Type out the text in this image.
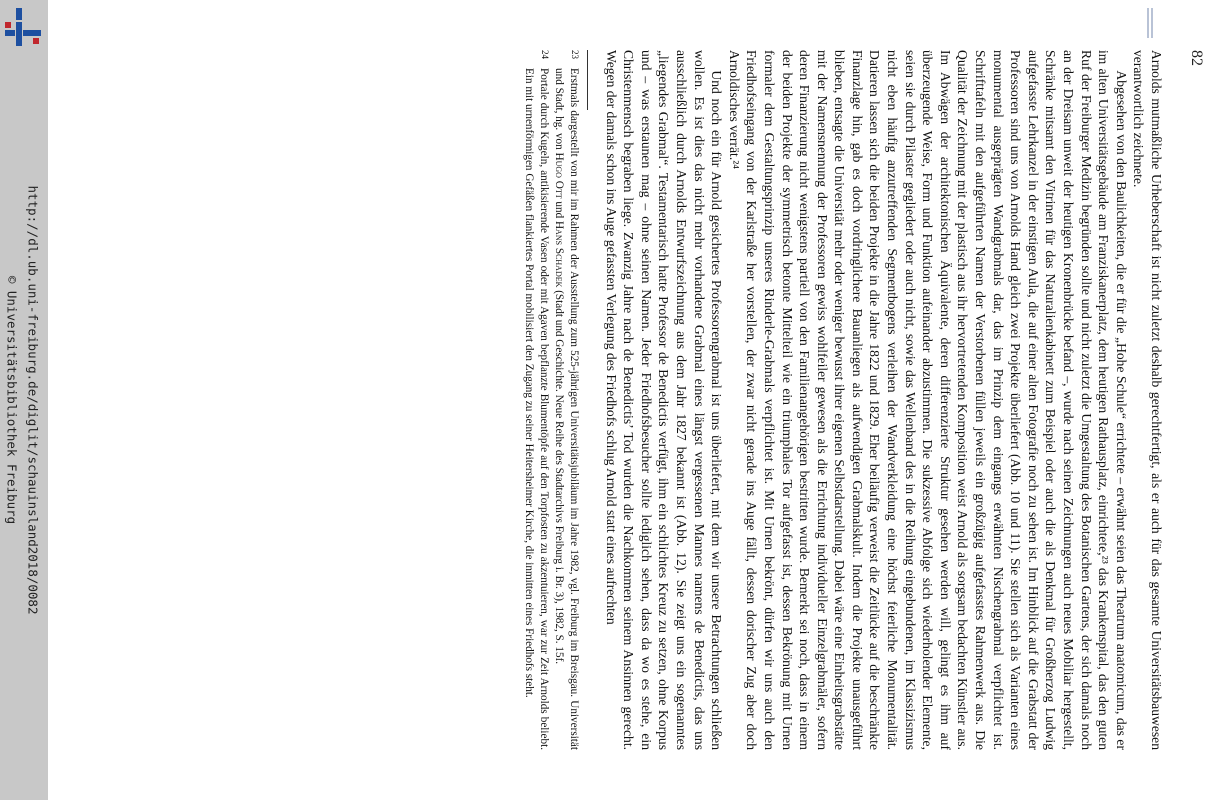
http://dl.ub.uni-freiburg.de/diglit/schauinsland2018/0082
© Universitätsbibliothek Freiburg
82

Arnolds mutmaßliche Urheberschaft ist nicht zuletzt deshalb gerechtfertigt, als er auch für das gesamte Universitätsbauwesen verantwortlich zeichnete.

Abgesehen von den Baulichkeiten, die er für die „Hohe Schule“ errichtete – erwähnt seien das Theatrum anatomicum, das er im alten Universitätsgebäude am Franziskanerplatz, dem heutigen Rathausplatz, einrichtete,²³ das Krankenspital, das den guten Ruf der Freiburger Medizin begründen sollte und nicht zuletzt die Umgestaltung des Botanischen Gartens, der sich damals noch an der Dreisam unweit der heutigen Kronenbrücke befand –, wurde nach seinen Zeichnungen auch neues Mobiliar hergestellt, Schränke mitsamt den Vitrinen für das Naturalienkabinett zum Beispiel oder auch die als Denkmal für Großherzog Ludwig aufgefasste Lehrkanzel in der einstigen Aula, die auf einer alten Fotografie noch zu sehen ist. Im Hinblick auf die Grabstatt der Professoren sind uns von Arnolds Hand gleich zwei Projekte überliefert (Abb. 10 und 11). Sie stellen sich als Varianten eines monumental ausgeprägten Wandgrabmals dar, das im Prinzip dem eingangs erwähnten Nischengrabmal verpflichtet ist. Schrifttafeln mit den aufgeführten Namen der Verstorbenen füllen jeweils ein großzügig aufgefasstes Rahmenwerk aus. Die Qualität der Zeichnung mit der plastisch aus ihr hervortretenden Komposition weist Arnold als sorgsam bedachten Künstler aus. Im Abwägen der architektonischen Äquivalente, deren differenzierte Struktur gesehen werden will, gelingt es ihm auf überzeugende Weise, Form und Funktion aufeinander abzustimmen. Die sukzessive Abfolge sich wiederholender Elemente, seien sie durch Pilaster gegliedert oder auch nicht, sowie das Wellenband des in die Reihung eingebundenen, im Klassizismus nicht eben häufig anzutreffenden Segmentbogens verleihen der Wandverkleidung eine höchst feierliche Monumentalität. Datieren lassen sich die beiden Projekte in die Jahre 1822 und 1829. Eher beiläufig verweist die Zeitlücke auf die beschränkte Finanzlage hin, gab es doch vordringlichere Bauanliegen als aufwendigen Grabmalskult. Indem die Projekte unausgeführt blieben, entsagte die Universität mehr oder weniger bewusst ihrer eigenen Selbstdarstellung. Dabei wäre eine Einheitsgrabstätte mit der Namensnennung der Professoren gewiss wohlfeiler gewesen als die Errichtung individueller Einzelgrabmäler, sofern deren Finanzierung nicht wenigstens partiell von den Familienangehörigen bestritten wurde. Bemerkt sei noch, dass in einem der beiden Projekte der symmetrisch betonte Mittelteil wie ein triumphales Tor aufgefasst ist, dessen Bekrönung mit Urnen formaler dem Gestaltungsprinzip unseres Rinderle-Grabmals verpflichtet ist. Mit Urnen bekrönt, dürfen wir uns auch den Friedhofseingang von der Karlstraße her vorstellen, der zwar nicht gerade ins Auge fällt, dessen dorischer Zug aber doch Arnoldisches verrät.²⁴

Und noch ein für Arnold gesichertes Professorengrabmal ist uns überliefert, mit dem wir unsere Betrachtungen schließen wollen. Es ist dies das nicht mehr vorhandene Grabmal eines längst vergessenen Mannes namens de Benedictis, das uns ausschließlich durch Arnolds Entwurfszeichnung aus dem Jahr 1827 bekannt ist (Abb. 12). Sie zeigt uns ein sogenanntes „liegendes Grabmal“. Testamentarisch hatte Professor de Benedictis verfügt, ihm ein schlichtes Kreuz zu setzen, ohne Korpus und – was erstaunen mag – ohne seinen Namen. Jeder Friedhofsbesucher sollte lediglich sehen, dass da wo es stehe, ein Christenmensch begraben liege. Zwanzig Jahre nach de Benedictis’ Tod wurden die Nachkommen seinem Ansinnen gerecht. Wegen der damals schon ins Auge gefassten Verlegung des Friedhofs schlug Arnold statt eines aufrechten

23
Erstmals dargestellt von mir im Rahmen der Ausstellung zum 525-jährigen Universitätsjubiläum im Jahre 1982, vgl. Freiburg im Breisgau. Universität und Stadt, hg. von Hugo Ott und Hans Schadek (Stadt und Geschichte. Neue Reihe des Stadtarchivs Freiburg i. Br. 3), 1982, S. 15f.
24
Portale durch Kugeln, antikisierende Vasen oder mit Agaven bepflanzte Blumentöpfe auf den Torpfosten zu akzentuieren, war zur Zeit Arnolds beliebt. Ein mit urnenförmigen Gefäßen flankiertes Portal mobilisiert den Zugang zu seiner Heitersheimer Kirche, die inmitten eines Friedhofs steht.
